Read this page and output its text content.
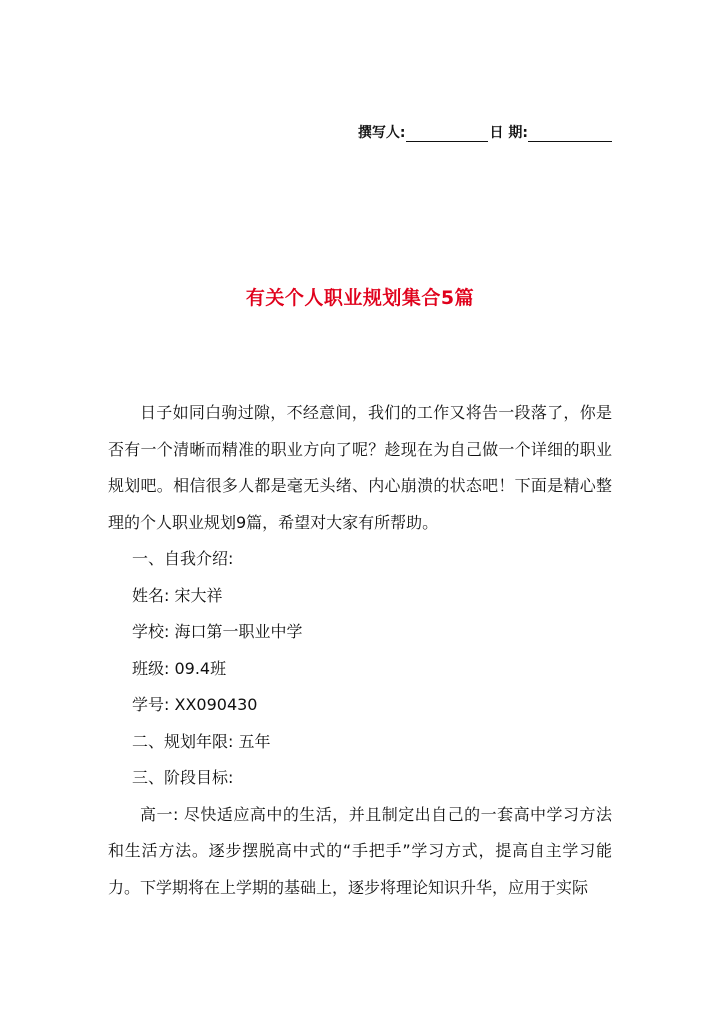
撰写人:	日 期:
有关个人职业规划集合5篇

日子如同白驹过隙，不经意间，我们的工作又将告一段落了，你是否有一个清晰而精准的职业方向了呢？趁现在为自己做一个详细的职业规划吧。相信很多人都是毫无头绪、内心崩溃的状态吧！下面是精心整理的个人职业规划9篇，希望对大家有所帮助。

一、自我介绍:

姓名: 宋大祥

学校: 海口第一职业中学

班级: 09.4班

学号: XX090430

二、规划年限: 五年

三、阶段目标:

高一: 尽快适应高中的生活，并且制定出自己的一套高中学习方法和生活方法。逐步摆脱高中式的“手把手”学习方式，提高自主学习能力。下学期将在上学期的基础上，逐步将理论知识升华，应用于实际
